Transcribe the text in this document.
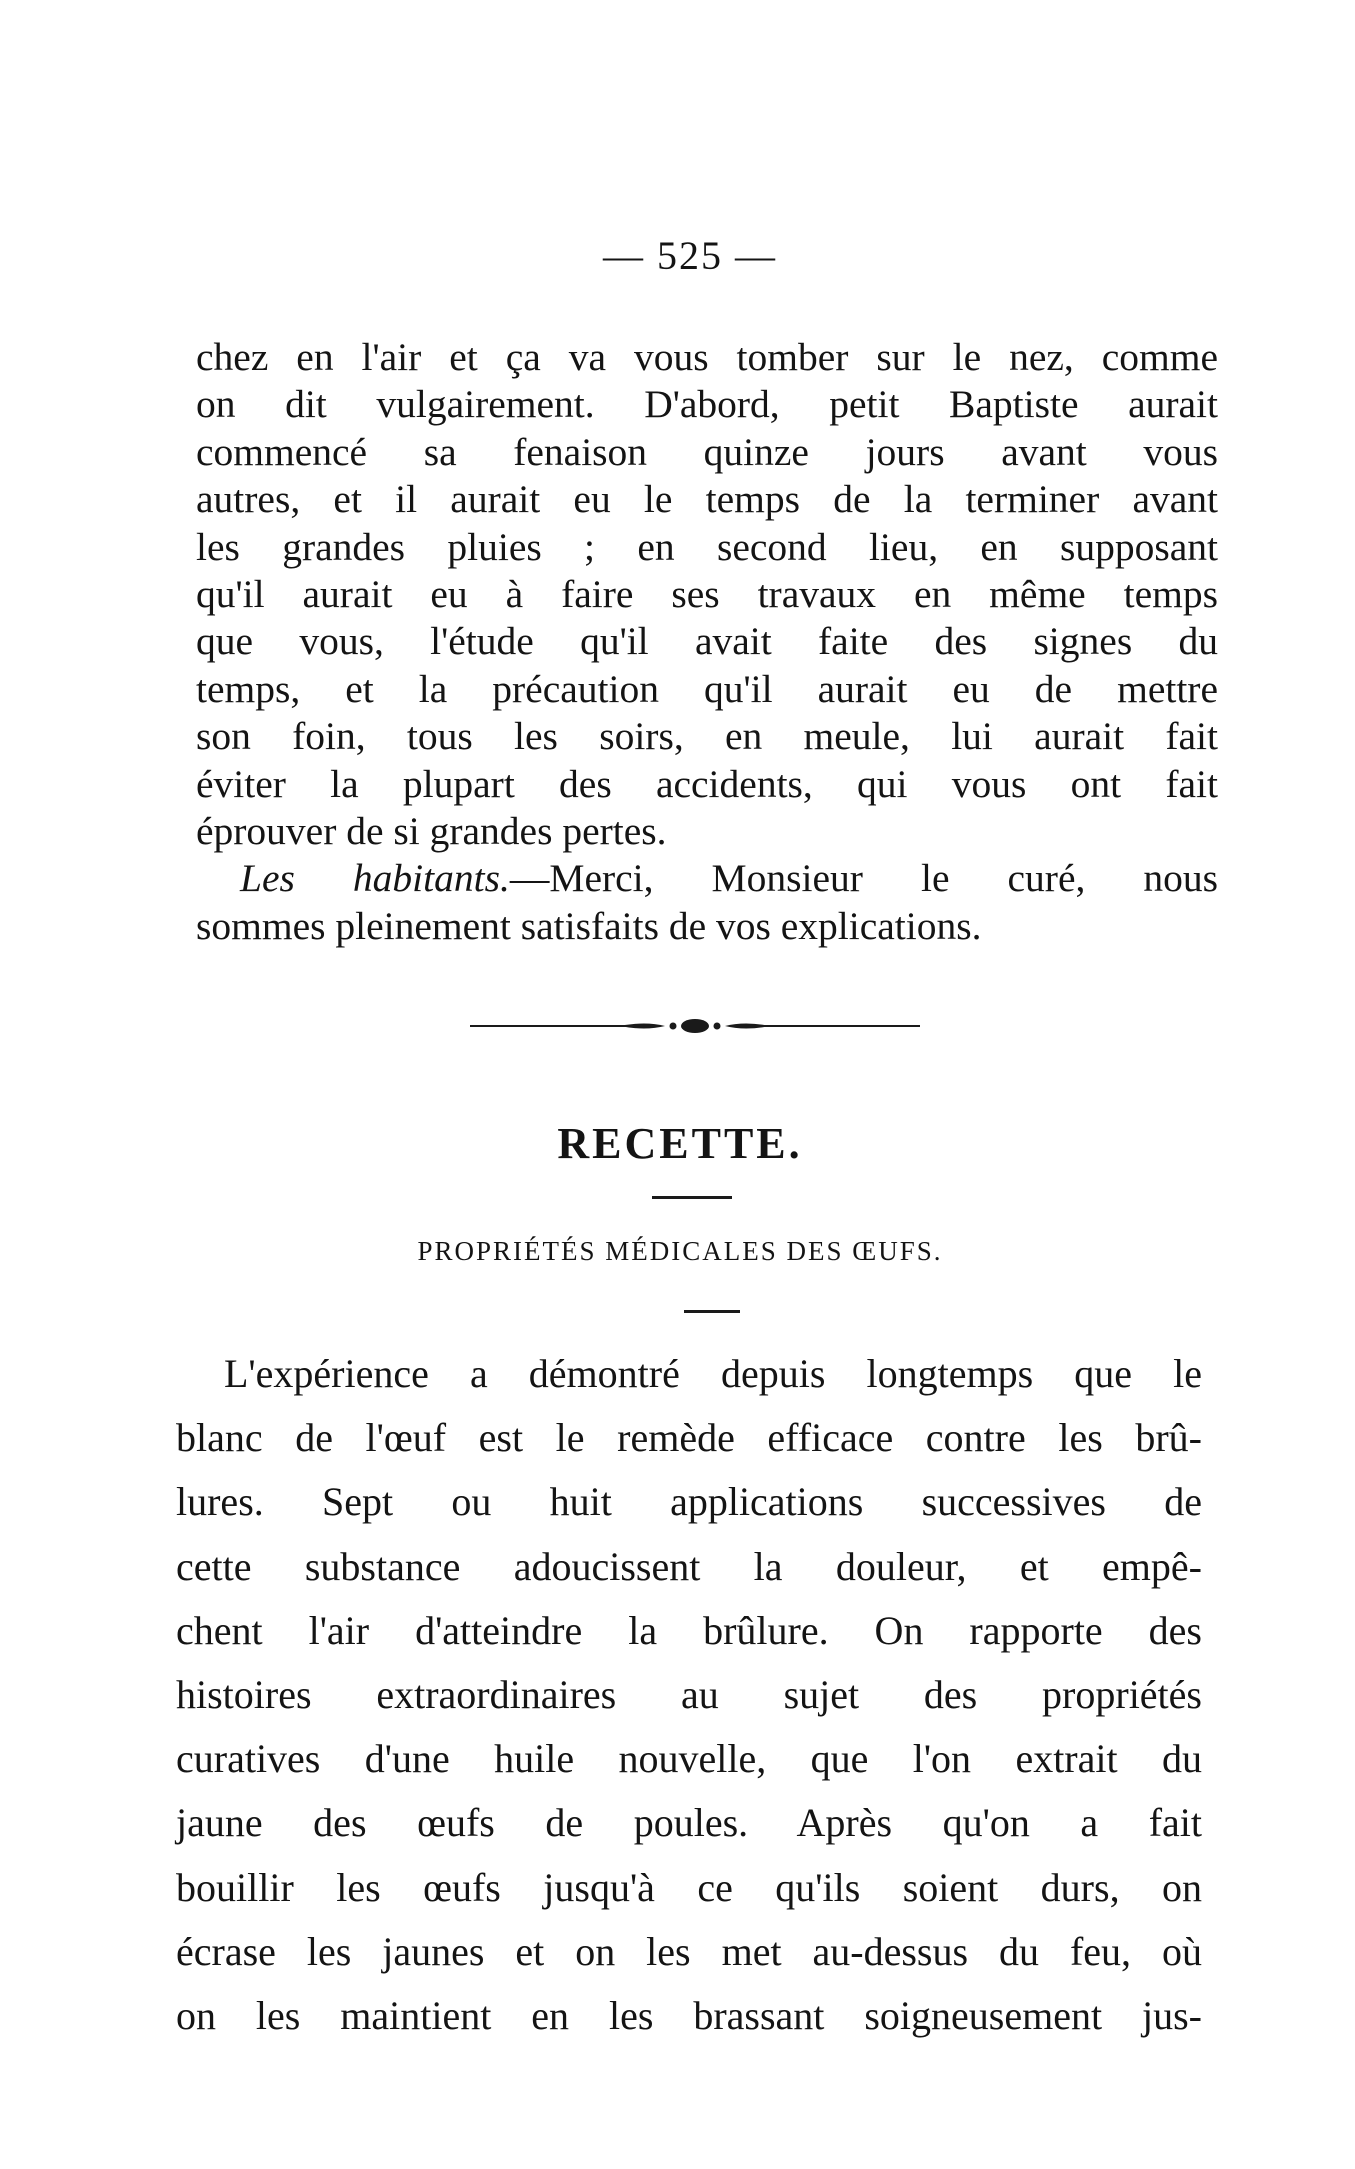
— 525 —
chez en l'air et ça va vous tomber sur le nez, comme
on dit vulgairement. D'abord, petit Baptiste aurait
commencé sa fenaison quinze jours avant vous
autres, et il aurait eu le temps de la terminer avant
les grandes pluies ; en second lieu, en supposant
qu'il aurait eu à faire ses travaux en même temps
que vous, l'étude qu'il avait faite des signes du
temps, et la précaution qu'il aurait eu de mettre
son foin, tous les soirs, en meule, lui aurait fait
éviter la plupart des accidents, qui vous ont fait
éprouver de si grandes pertes.
Les habitants.—Merci, Monsieur le curé, nous
sommes pleinement satisfaits de vos explications.
RECETTE.
PROPRIÉTÉS MÉDICALES DES ŒUFS.
L'expérience a démontré depuis longtemps que le
blanc de l'œuf est le remède efficace contre les brû-
lures. Sept ou huit applications successives de
cette substance adoucissent la douleur, et empê-
chent l'air d'atteindre la brûlure. On rapporte des
histoires extraordinaires au sujet des propriétés
curatives d'une huile nouvelle, que l'on extrait du
jaune des œufs de poules. Après qu'on a fait
bouillir les œufs jusqu'à ce qu'ils soient durs, on
écrase les jaunes et on les met au-dessus du feu, où
on les maintient en les brassant soigneusement jus-
